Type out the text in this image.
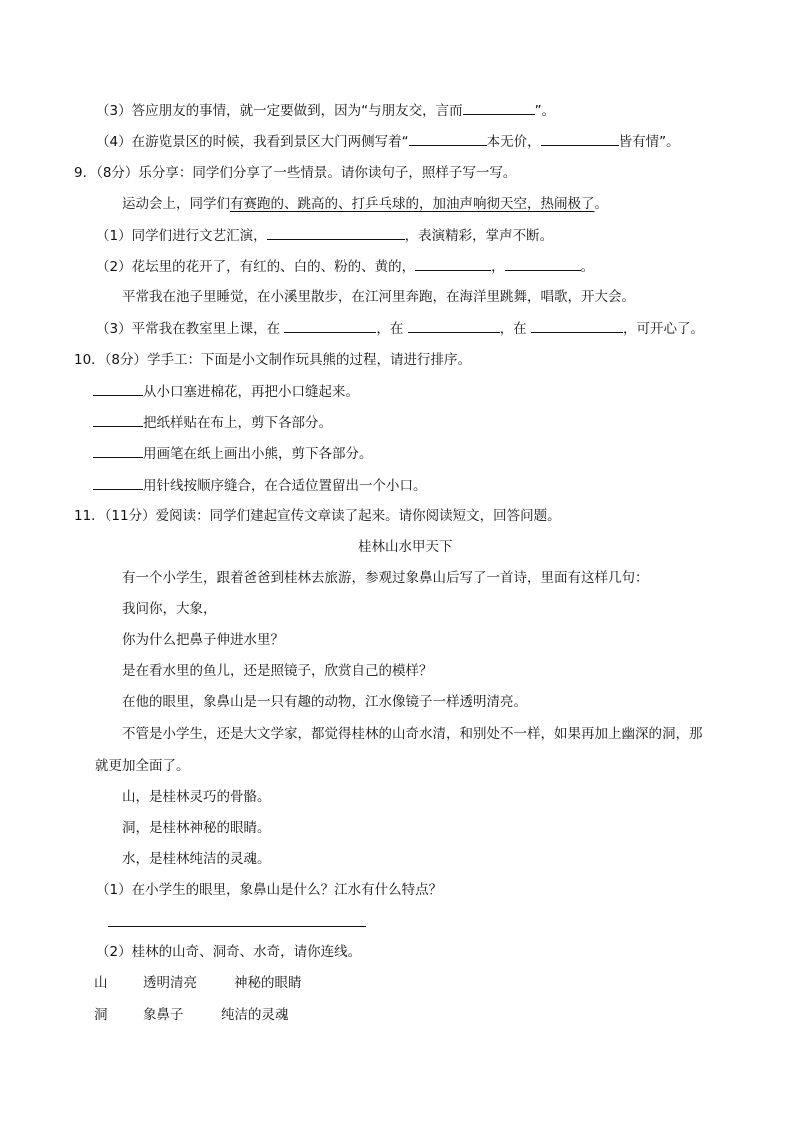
（3）答应朋友的事情，就一定要做到，因为“与朋友交，言而	”。
（4）在游览景区的时候，我看到景区大门两侧写着“	本无价，	皆有情”。
9．（8分）乐分享：同学们分享了一些情景。请你读句子，照样子写一写。
运动会上，同学们有赛跑的、跳高的、打乒乓球的，加油声响彻天空，热闹极了。
（1）同学们进行文艺汇演，	，表演精彩，掌声不断。
（2）花坛里的花开了，有红的、白的、粉的、黄的，	，	。
平常我在池子里睡觉，在小溪里散步，在江河里奔跑，在海洋里跳舞，唱歌，开大会。
（3）平常我在教室里上课，在	，在	，在	，可开心了。
10．（8分）学手工：下面是小文制作玩具熊的过程，请进行排序。
从小口塞进棉花，再把小口缝起来。
把纸样贴在布上，剪下各部分。
用画笔在纸上画出小熊，剪下各部分。
用针线按顺序缝合，在合适位置留出一个小口。
11．（11分）爱阅读：同学们建起宣传文章读了起来。请你阅读短文，回答问题。
桂林山水甲天下
有一个小学生，跟着爸爸到桂林去旅游，参观过象鼻山后写了一首诗，里面有这样几句：
我问你，大象，
你为什么把鼻子伸进水里？
是在看水里的鱼儿，还是照镜子，欣赏自己的模样？
在他的眼里，象鼻山是一只有趣的动物，江水像镜子一样透明清亮。
不管是小学生，还是大文学家，都觉得桂林的山奇水清，和别处不一样，如果再加上幽深的洞，那
就更加全面了。
山，是桂林灵巧的骨骼。
洞，是桂林神秘的眼睛。
水，是桂林纯洁的灵魂。
（1）在小学生的眼里，象鼻山是什么？江水有什么特点？
（2）桂林的山奇、洞奇、水奇，请你连线。
山	透明清亮	神秘的眼睛
洞	象鼻子	纯洁的灵魂
